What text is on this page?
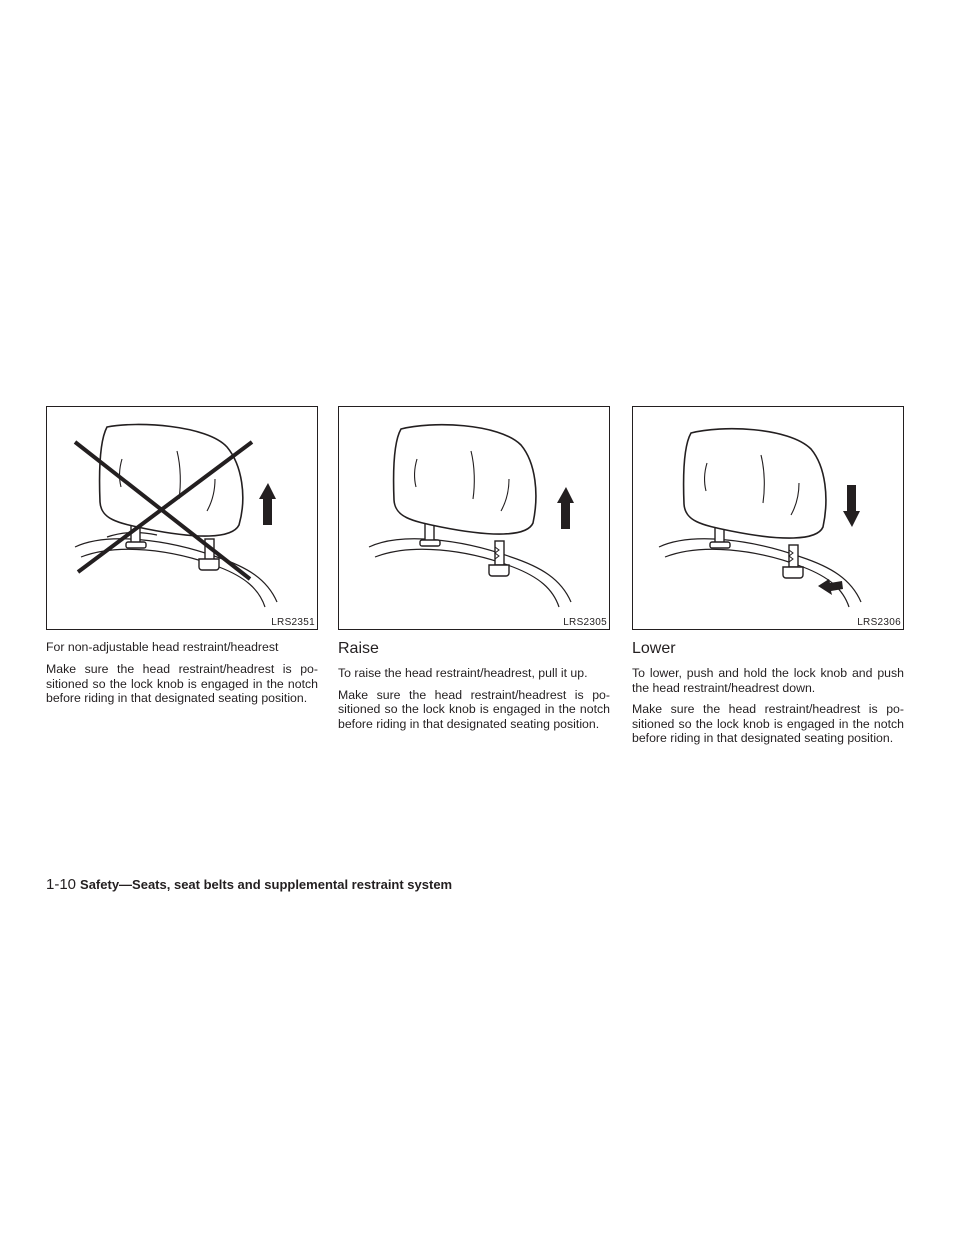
LRS2351

For non-adjustable head restraint/headrest

Make sure the head restraint/headrest is po-sitioned so the lock knob is engaged in the notch before riding in that designated seating position.

LRS2305
Raise

To raise the head restraint/headrest, pull it up.

Make sure the head restraint/headrest is po-sitioned so the lock knob is engaged in the notch before riding in that designated seating position.

LRS2306
Lower

To lower, push and hold the lock knob and push the head restraint/headrest down.

Make sure the head restraint/headrest is po-sitioned so the lock knob is engaged in the notch before riding in that designated seating position.

1-10 Safety—Seats, seat belts and supplemental restraint system
